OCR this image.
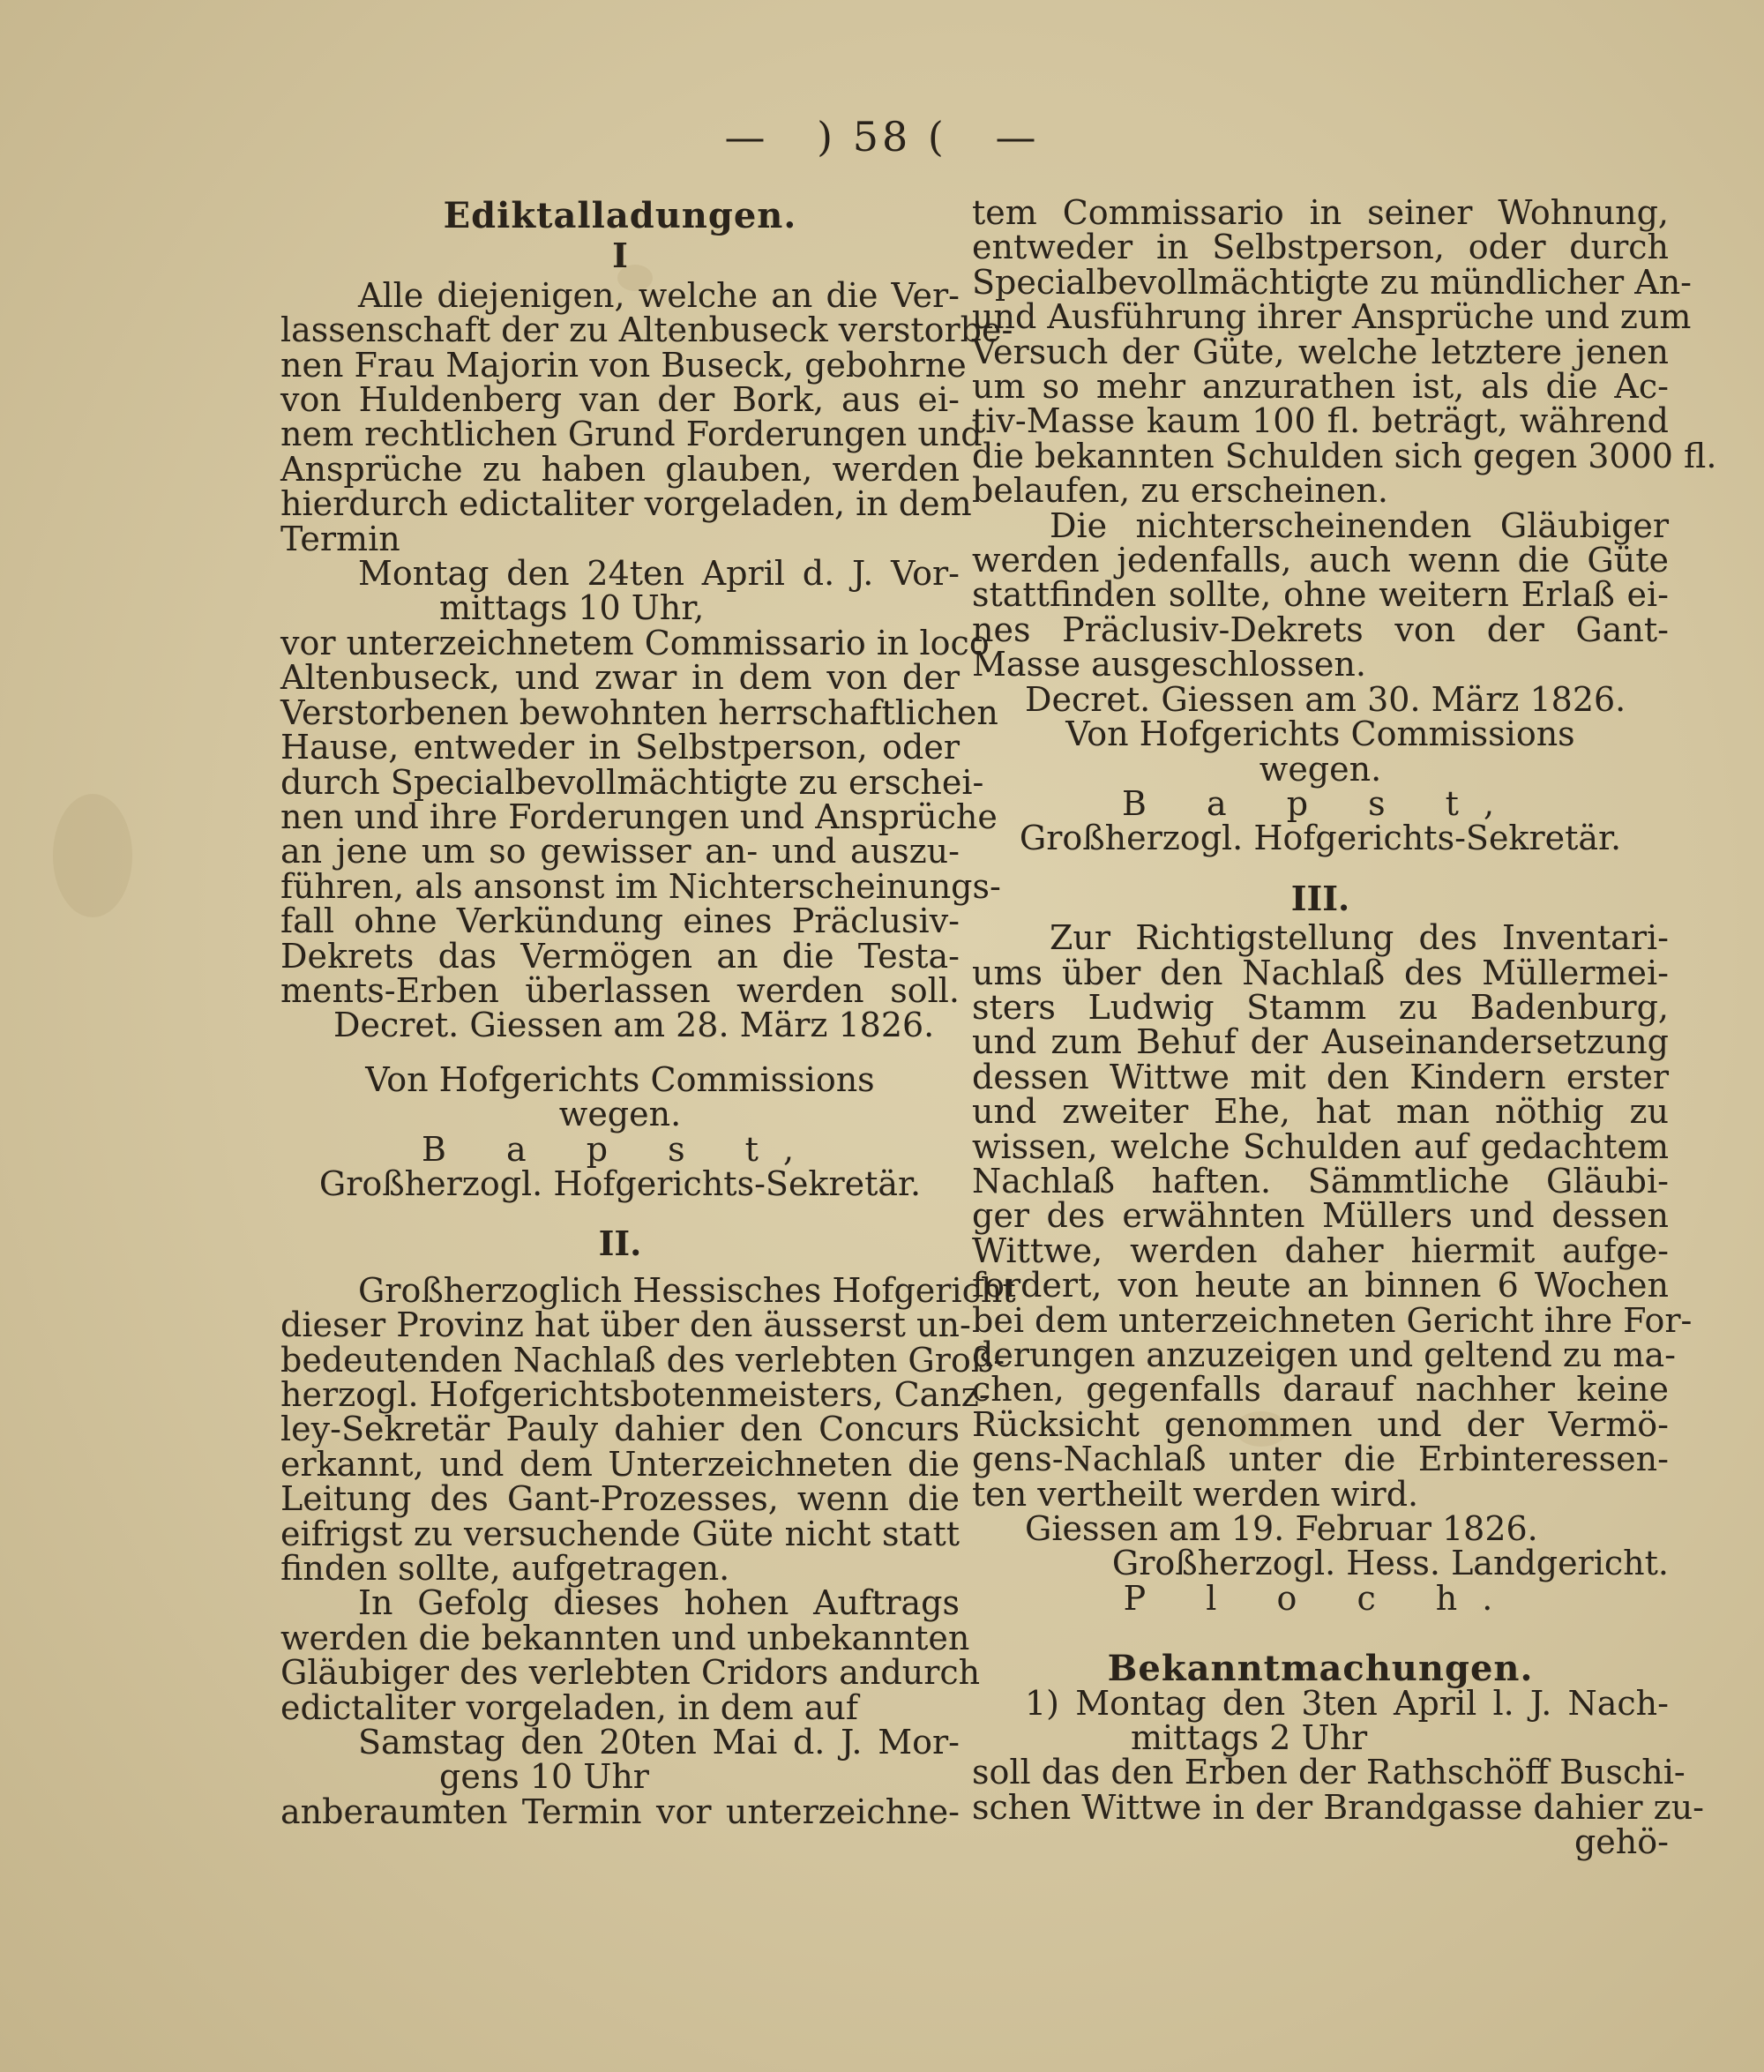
— ) 58 ( —
Ediktalladungen.
I
Alle diejenigen, welche an die Ver-
lassenschaft der zu Altenbuseck verstorbe-
nen Frau Majorin von Buseck, gebohrne
von Huldenberg van der Bork, aus ei-
nem rechtlichen Grund Forderungen und
Ansprüche zu haben glauben, werden
hierdurch edictaliter vorgeladen, in dem
Termin
Montag den 24ten April d. J. Vor-
mittags 10 Uhr,
vor unterzeichnetem Commissario in loco
Altenbuseck, und zwar in dem von der
Verstorbenen bewohnten herrschaftlichen
Hause, entweder in Selbstperson, oder
durch Specialbevollmächtigte zu erschei-
nen und ihre Forderungen und Ansprüche
an jene um so gewisser an- und auszu-
führen, als ansonst im Nichterscheinungs-
fall ohne Verkündung eines Präclusiv-
Dekrets das Vermögen an die Testa-
ments-Erben überlassen werden soll.
Decret. Giessen am 28. März 1826.
Von Hofgerichts Commissions
wegen.
B a p s t,
Großherzogl. Hofgerichts-Sekretär.
II.
Großherzoglich Hessisches Hofgericht
dieser Provinz hat über den äusserst un-
bedeutenden Nachlaß des verlebten Groß-
herzogl. Hofgerichtsbotenmeisters, Canz-
ley-Sekretär Pauly dahier den Concurs
erkannt, und dem Unterzeichneten die
Leitung des Gant-Prozesses, wenn die
eifrigst zu versuchende Güte nicht statt
finden sollte, aufgetragen.
In Gefolg dieses hohen Auftrags
werden die bekannten und unbekannten
Gläubiger des verlebten Cridors andurch
edictaliter vorgeladen, in dem auf
Samstag den 20ten Mai d. J. Mor-
gens 10 Uhr
anberaumten Termin vor unterzeichne-
tem Commissario in seiner Wohnung,
entweder in Selbstperson, oder durch
Specialbevollmächtigte zu mündlicher An-
und Ausführung ihrer Ansprüche und zum
Versuch der Güte, welche letztere jenen
um so mehr anzurathen ist, als die Ac-
tiv-Masse kaum 100 fl. beträgt, während
die bekannten Schulden sich gegen 3000 fl.
belaufen, zu erscheinen.
Die nichterscheinenden Gläubiger
werden jedenfalls, auch wenn die Güte
stattfinden sollte, ohne weitern Erlaß ei-
nes Präclusiv-Dekrets von der Gant-
Masse ausgeschlossen.
Decret. Giessen am 30. März 1826.
Von Hofgerichts Commissions
wegen.
B a p s t,
Großherzogl. Hofgerichts-Sekretär.
III.
Zur Richtigstellung des Inventari-
ums über den Nachlaß des Müllermei-
sters Ludwig Stamm zu Badenburg,
und zum Behuf der Auseinandersetzung
dessen Wittwe mit den Kindern erster
und zweiter Ehe, hat man nöthig zu
wissen, welche Schulden auf gedachtem
Nachlaß haften. Sämmtliche Gläubi-
ger des erwähnten Müllers und dessen
Wittwe, werden daher hiermit aufge-
fordert, von heute an binnen 6 Wochen
bei dem unterzeichneten Gericht ihre For-
derungen anzuzeigen und geltend zu ma-
chen, gegenfalls darauf nachher keine
Rücksicht genommen und der Vermö-
gens-Nachlaß unter die Erbinteressen-
ten vertheilt werden wird.
Giessen am 19. Februar 1826.
Großherzogl. Hess. Landgericht.
P l o c h.
Bekanntmachungen.
1) Montag den 3ten April l. J. Nach-
mittags 2 Uhr
soll das den Erben der Rathschöff Buschi-
schen Wittwe in der Brandgasse dahier zu-
gehö-
